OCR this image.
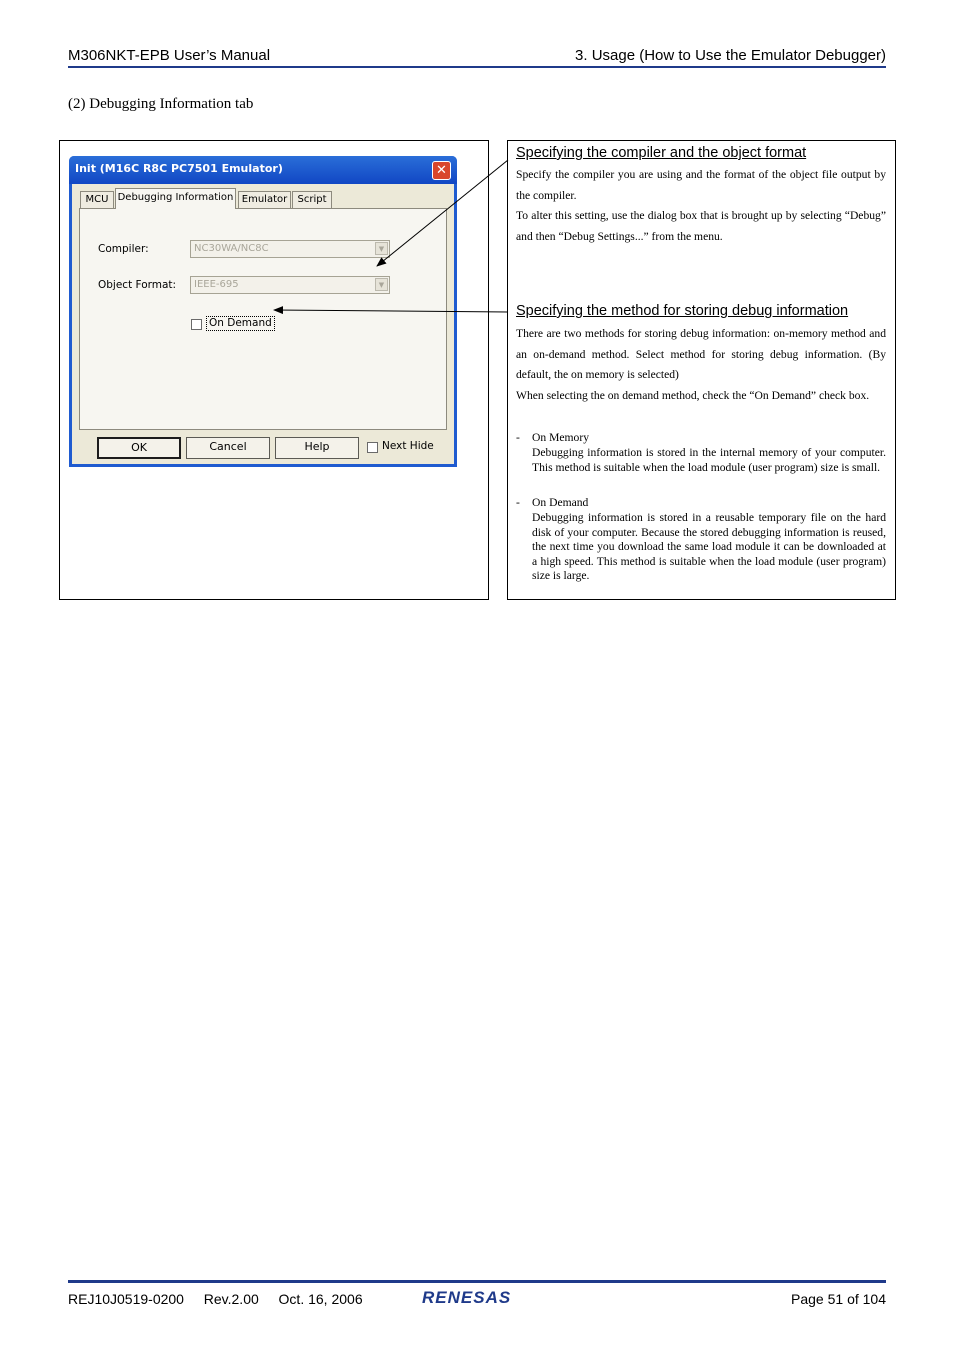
M306NKT-EPB User’s Manual	3. Usage (How to Use the Emulator Debugger)
(2) Debugging Information tab
Init (M16C R8C PC7501 Emulator)	✕
MCU Debugging Information Emulator	Script
Compiler:	NC30WA/NC8C	▼
Object Format:	IEEE-695	▼
On Demand
OK	Cancel	Help	Next Hide
Specifying the compiler and the object format

Specify the compiler you are using and the format of the object file output by the compiler.

To alter this setting, use the dialog box that is brought up by selecting “Debug” and then “Debug Settings...” from the menu.

Specifying the method for storing debug information

There are two methods for storing debug information: on-memory method and an on-demand method. Select method for storing debug information. (By default, the on memory is selected)

When selecting the on demand method, check the “On Demand” check box.

- On Memory
Debugging information is stored in the internal memory of your computer. This method is suitable when the load module (user program) size is small.
- On Demand
Debugging information is stored in a reusable temporary file on the hard disk of your computer. Because the stored debugging information is reused, the next time you download the same load module it can be downloaded at a high speed. This method is suitable when the load module (user program) size is large.
REJ10J0519-0200 Rev.2.00 Oct. 16, 2006	RENESAS	Page 51 of 104
